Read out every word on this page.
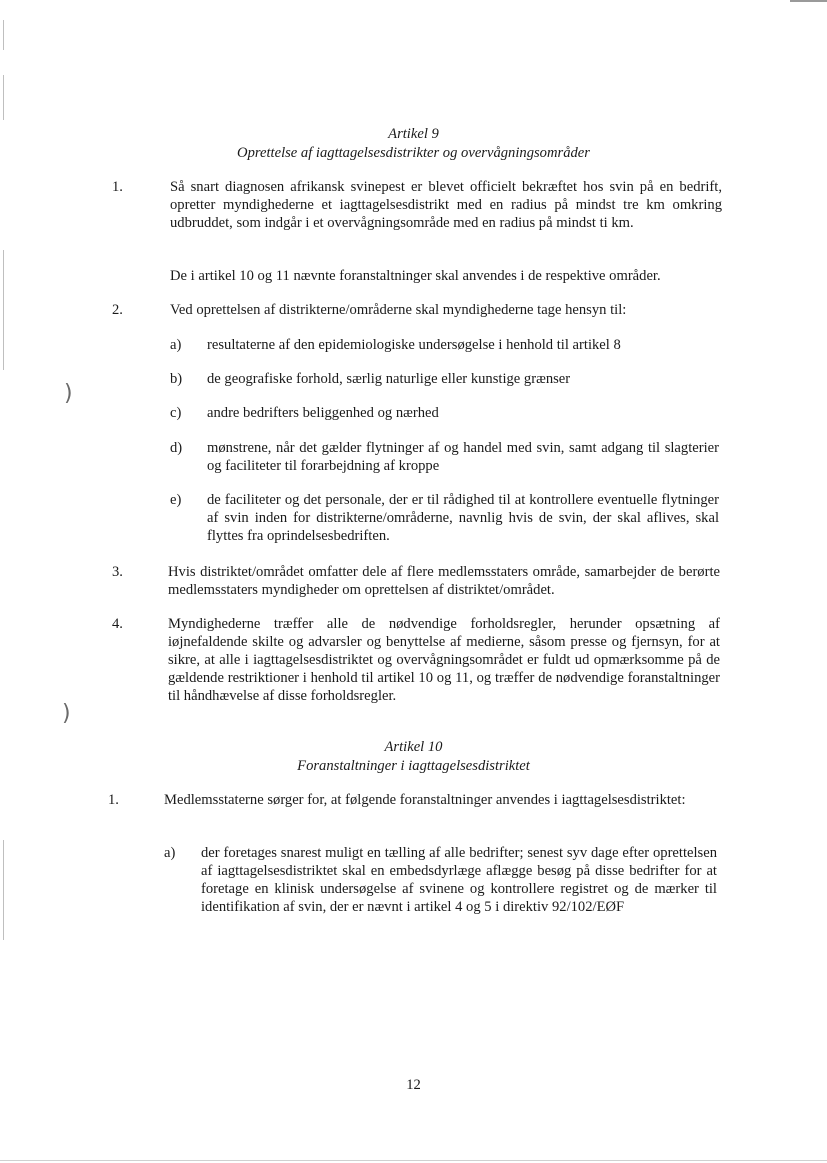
)
)
Artikel 9
Oprettelse af iagttagelsesdistrikter og overvågningsområder
1.	Så snart diagnosen afrikansk svinepest er blevet officielt bekræftet hos svin på en bedrift, opretter myndighederne et iagttagelsesdistrikt med en radius på mindst tre km omkring udbruddet, som indgår i et overvågningsområde med en radius på mindst ti km.
De i artikel 10 og 11 nævnte foranstaltninger skal anvendes i de respektive områder.
2.	Ved oprettelsen af distrikterne/områderne skal myndighederne tage hensyn til:
a)	resultaterne af den epidemiologiske undersøgelse i henhold til artikel 8
b)	de geografiske forhold, særlig naturlige eller kunstige grænser
c)	andre bedrifters beliggenhed og nærhed
d)	mønstrene, når det gælder flytninger af og handel med svin, samt adgang til slagterier og faciliteter til forarbejdning af kroppe
e)	de faciliteter og det personale, der er til rådighed til at kontrollere eventuelle flytninger af svin inden for distrikterne/områderne, navnlig hvis de svin, der skal aflives, skal flyttes fra oprindelsesbedriften.
3.	Hvis distriktet/området omfatter dele af flere medlemsstaters område, samarbejder de berørte medlemsstaters myndigheder om oprettelsen af distriktet/området.
4.	Myndighederne træffer alle de nødvendige forholdsregler, herunder opsætning af iøjnefaldende skilte og advarsler og benyttelse af medierne, såsom presse og fjernsyn, for at sikre, at alle i iagttagelsesdistriktet og overvågningsområdet er fuldt ud opmærksomme på de gældende restriktioner i henhold til artikel 10 og 11, og træffer de nødvendige foranstaltninger til håndhævelse af disse forholdsregler.
Artikel 10
Foranstaltninger i iagttagelsesdistriktet
1.	Medlemsstaterne sørger for, at følgende foranstaltninger anvendes i iagttagelsesdistriktet:
a)	der foretages snarest muligt en tælling af alle bedrifter; senest syv dage efter oprettelsen af iagttagelsesdistriktet skal en embedsdyrlæge aflægge besøg på disse bedrifter for at foretage en klinisk undersøgelse af svinene og kontrollere registret og de mærker til identifikation af svin, der er nævnt i artikel 4 og 5 i direktiv 92/102/EØF
12
